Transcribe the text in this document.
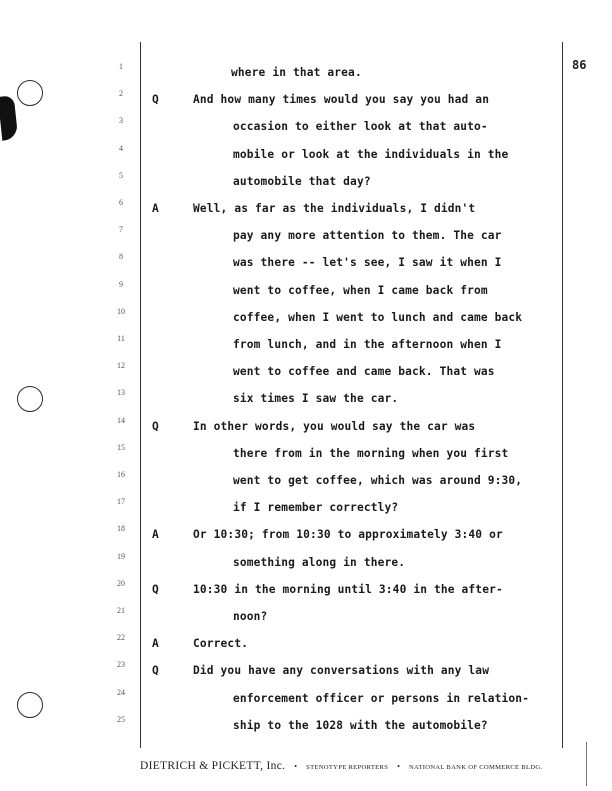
1
2
3
4
5
6
7
8
9
10
11
12
13
14
15
16
17
18
19
20
21
22
23
24
25
86
where in that area.
Q	And how many times would you say you had an
occasion to either look at that auto-
mobile or look at the individuals in the
automobile that day?
A	Well, as far as the individuals, I didn't
pay any more attention to them. The car
was there -- let's see, I saw it when I
went to coffee, when I came back from
coffee, when I went to lunch and came back
from lunch, and in the afternoon when I
went to coffee and came back. That was
six times I saw the car.
Q	In other words, you would say the car was
there from in the morning when you first
went to get coffee, which was around 9:30,
if I remember correctly?
A	Or 10:30; from 10:30 to approximately 3:40 or
something along in there.
Q	10:30 in the morning until 3:40 in the after-
noon?
A	Correct.
Q	Did you have any conversations with any law
enforcement officer or persons in relation-
ship to the 1028 with the automobile?
DIETRICH & PICKETT, Inc. • STENOTYPE REPORTERS • NATIONAL BANK OF COMMERCE BLDG.
